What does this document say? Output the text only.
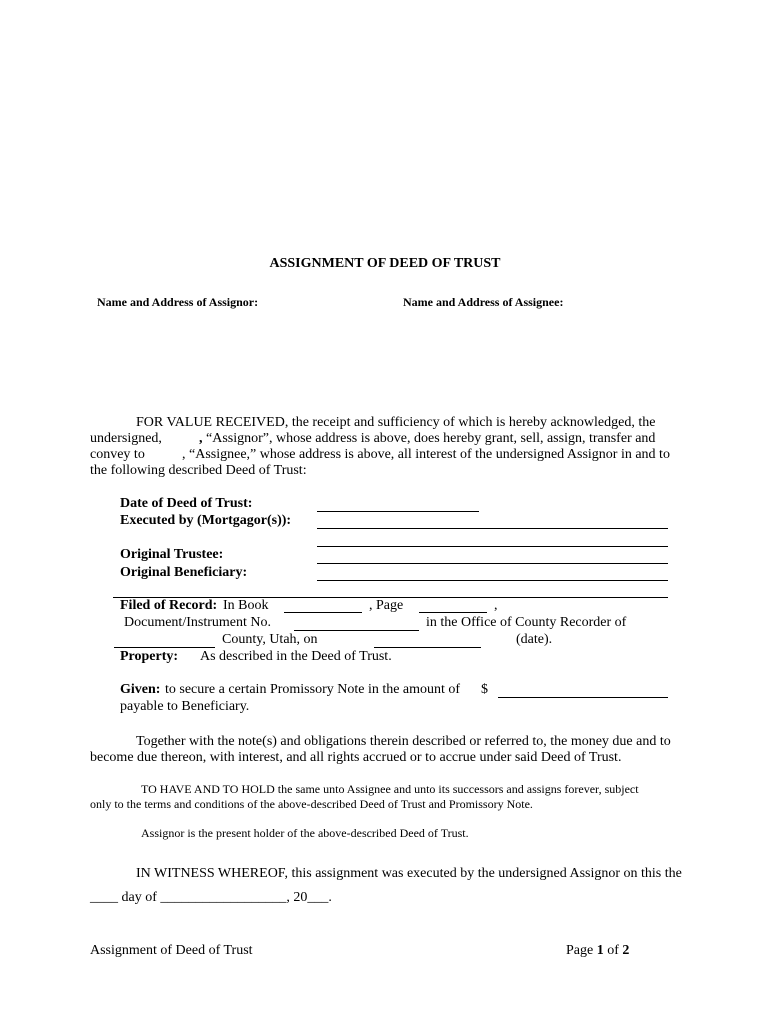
ASSIGNMENT OF DEED OF TRUST
Name and Address of Assignor:	Name and Address of Assignee:
FOR VALUE RECEIVED, the receipt and sufficiency of which is hereby acknowledged, the
undersigned,	, “Assignor”, whose address is above, does hereby grant, sell, assign, transfer and
convey to	, “Assignee,” whose address is above, all interest of the undersigned Assignor in and to
the following described Deed of Trust:
Date of Deed of Trust:
Executed by (Mortgagor(s)):
Original Trustee:
Original Beneficiary:
Filed of Record: In Book	, Page	,
Document/Instrument No.	in the Office of County Recorder of
County, Utah, on	(date).
Property: As described in the Deed of Trust.
Given: to secure a certain Promissory Note in the amount of $
payable to Beneficiary.
Together with the note(s) and obligations therein described or referred to, the money due and to
become due thereon, with interest, and all rights accrued or to accrue under said Deed of Trust.
TO HAVE AND TO HOLD the same unto Assignee and unto its successors and assigns forever, subject
only to the terms and conditions of the above-described Deed of Trust and Promissory Note.
Assignor is the present holder of the above-described Deed of Trust.
IN WITNESS WHEREOF, this assignment was executed by the undersigned Assignor on this the
____ day of __________________, 20___.
Assignment of Deed of Trust	Page 1 of 2
